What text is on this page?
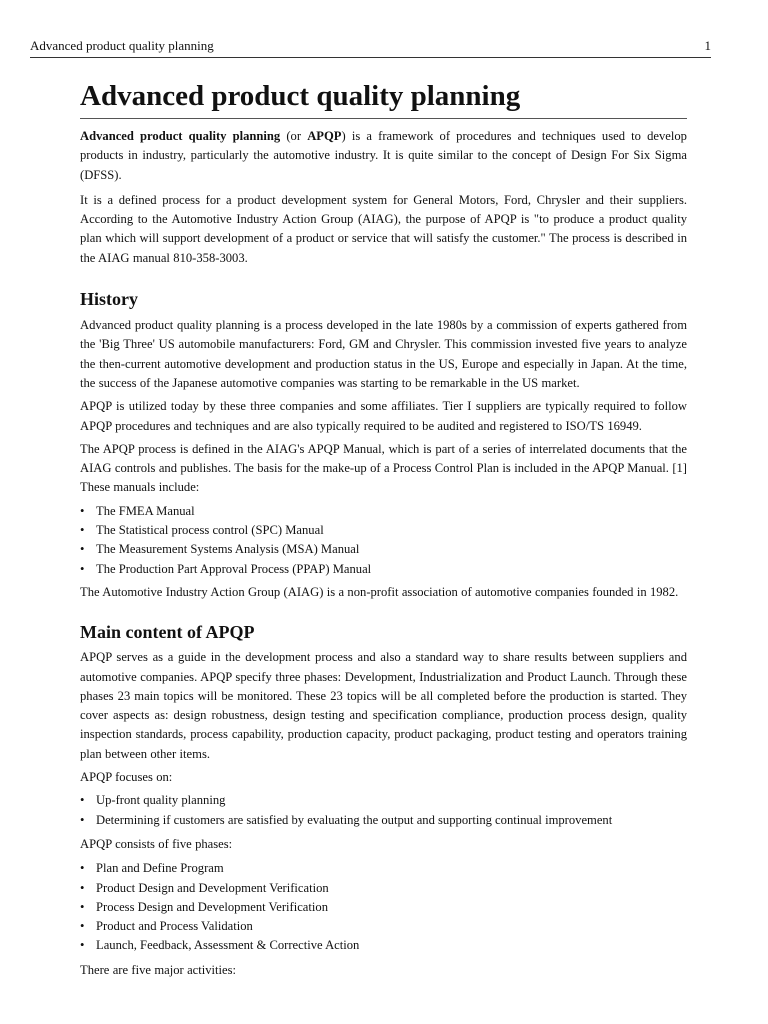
Advanced product quality planning	1
Advanced product quality planning

Advanced product quality planning (or APQP) is a framework of procedures and techniques used to develop products in industry, particularly the automotive industry. It is quite similar to the concept of Design For Six Sigma (DFSS).

It is a defined process for a product development system for General Motors, Ford, Chrysler and their suppliers. According to the Automotive Industry Action Group (AIAG), the purpose of APQP is "to produce a product quality plan which will support development of a product or service that will satisfy the customer." The process is described in the AIAG manual 810-358-3003.

History

Advanced product quality planning is a process developed in the late 1980s by a commission of experts gathered from the 'Big Three' US automobile manufacturers: Ford, GM and Chrysler. This commission invested five years to analyze the then-current automotive development and production status in the US, Europe and especially in Japan. At the time, the success of the Japanese automotive companies was starting to be remarkable in the US market.

APQP is utilized today by these three companies and some affiliates. Tier I suppliers are typically required to follow APQP procedures and techniques and are also typically required to be audited and registered to ISO/TS 16949.

The APQP process is defined in the AIAG's APQP Manual, which is part of a series of interrelated documents that the AIAG controls and publishes. The basis for the make-up of a Process Control Plan is included in the APQP Manual. [1] These manuals include:

• The FMEA Manual
• The Statistical process control (SPC) Manual
• The Measurement Systems Analysis (MSA) Manual
• The Production Part Approval Process (PPAP) Manual

The Automotive Industry Action Group (AIAG) is a non-profit association of automotive companies founded in 1982.

Main content of APQP

APQP serves as a guide in the development process and also a standard way to share results between suppliers and automotive companies. APQP specify three phases: Development, Industrialization and Product Launch. Through these phases 23 main topics will be monitored. These 23 topics will be all completed before the production is started. They cover aspects as: design robustness, design testing and specification compliance, production process design, quality inspection standards, process capability, production capacity, product packaging, product testing and operators training plan between other items.

APQP focuses on:

• Up-front quality planning
• Determining if customers are satisfied by evaluating the output and supporting continual improvement

APQP consists of five phases:

• Plan and Define Program
• Product Design and Development Verification
• Process Design and Development Verification
• Product and Process Validation
• Launch, Feedback, Assessment & Corrective Action

There are five major activities:
